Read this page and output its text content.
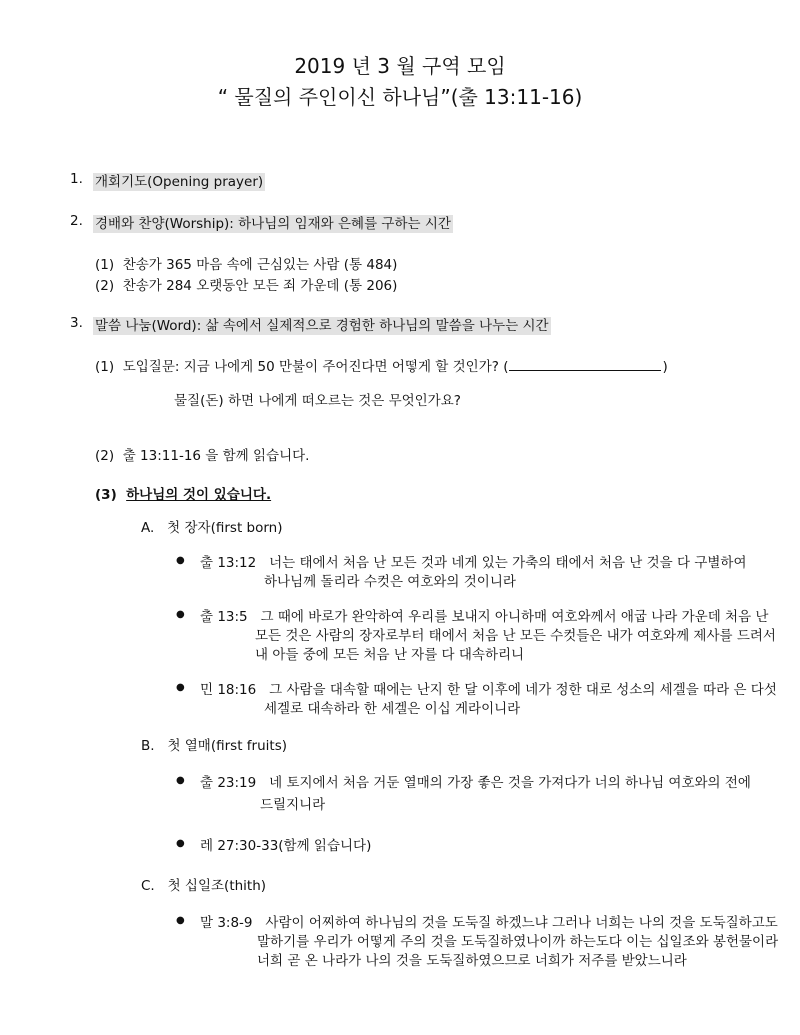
2019 년 3 월 구역 모임
“ 물질의 주인이신 하나님”(출 13:11-16)
1. 개회기도(Opening prayer)
2. 경배와 찬양(Worship): 하나님의 임재와 은혜를 구하는 시간
(1) 찬송가 365 마음 속에 근심있는 사람 (통 484)
(2) 찬송가 284 오랫동안 모든 죄 가운데 (통 206)
3. 말씀 나눔(Word): 삶 속에서 실제적으로 경험한 하나님의 말씀을 나누는 시간
(1) 도입질문: 지금 나에게 50 만불이 주어진다면 어떻게 할 것인가? (	)
물질(돈) 하면 나에게 떠오르는 것은 무엇인가요?
(2) 출 13:11-16 을 함께 읽습니다.
(3) 하나님의 것이 있습니다.
A. 첫 장자(first born)
● 출 13:12 너는 태에서 처음 난 모든 것과 네게 있는 가축의 태에서 처음 난 것을 다 구별하여
하나님께 돌리라 수컷은 여호와의 것이니라
● 출 13:5 그 때에 바로가 완악하여 우리를 보내지 아니하매 여호와께서 애굽 나라 가운데 처음 난
모든 것은 사람의 장자로부터 태에서 처음 난 모든 수컷들은 내가 여호와께 제사를 드려서
내 아들 중에 모든 처음 난 자를 다 대속하리니
● 민 18:16 그 사람을 대속할 때에는 난지 한 달 이후에 네가 정한 대로 성소의 세겔을 따라 은 다섯
세겔로 대속하라 한 세겔은 이십 게라이니라
B. 첫 열매(first fruits)
● 출 23:19 네 토지에서 처음 거둔 열매의 가장 좋은 것을 가져다가 너의 하나님 여호와의 전에
드릴지니라
● 레 27:30-33(함께 읽습니다)
C. 첫 십일조(thith)
● 말 3:8-9 사람이 어찌하여 하나님의 것을 도둑질 하겠느냐 그러나 너희는 나의 것을 도둑질하고도
말하기를 우리가 어떻게 주의 것을 도둑질하였나이까 하는도다 이는 십일조와 봉헌물이라
너희 곧 온 나라가 나의 것을 도둑질하였으므로 너희가 저주를 받았느니라
